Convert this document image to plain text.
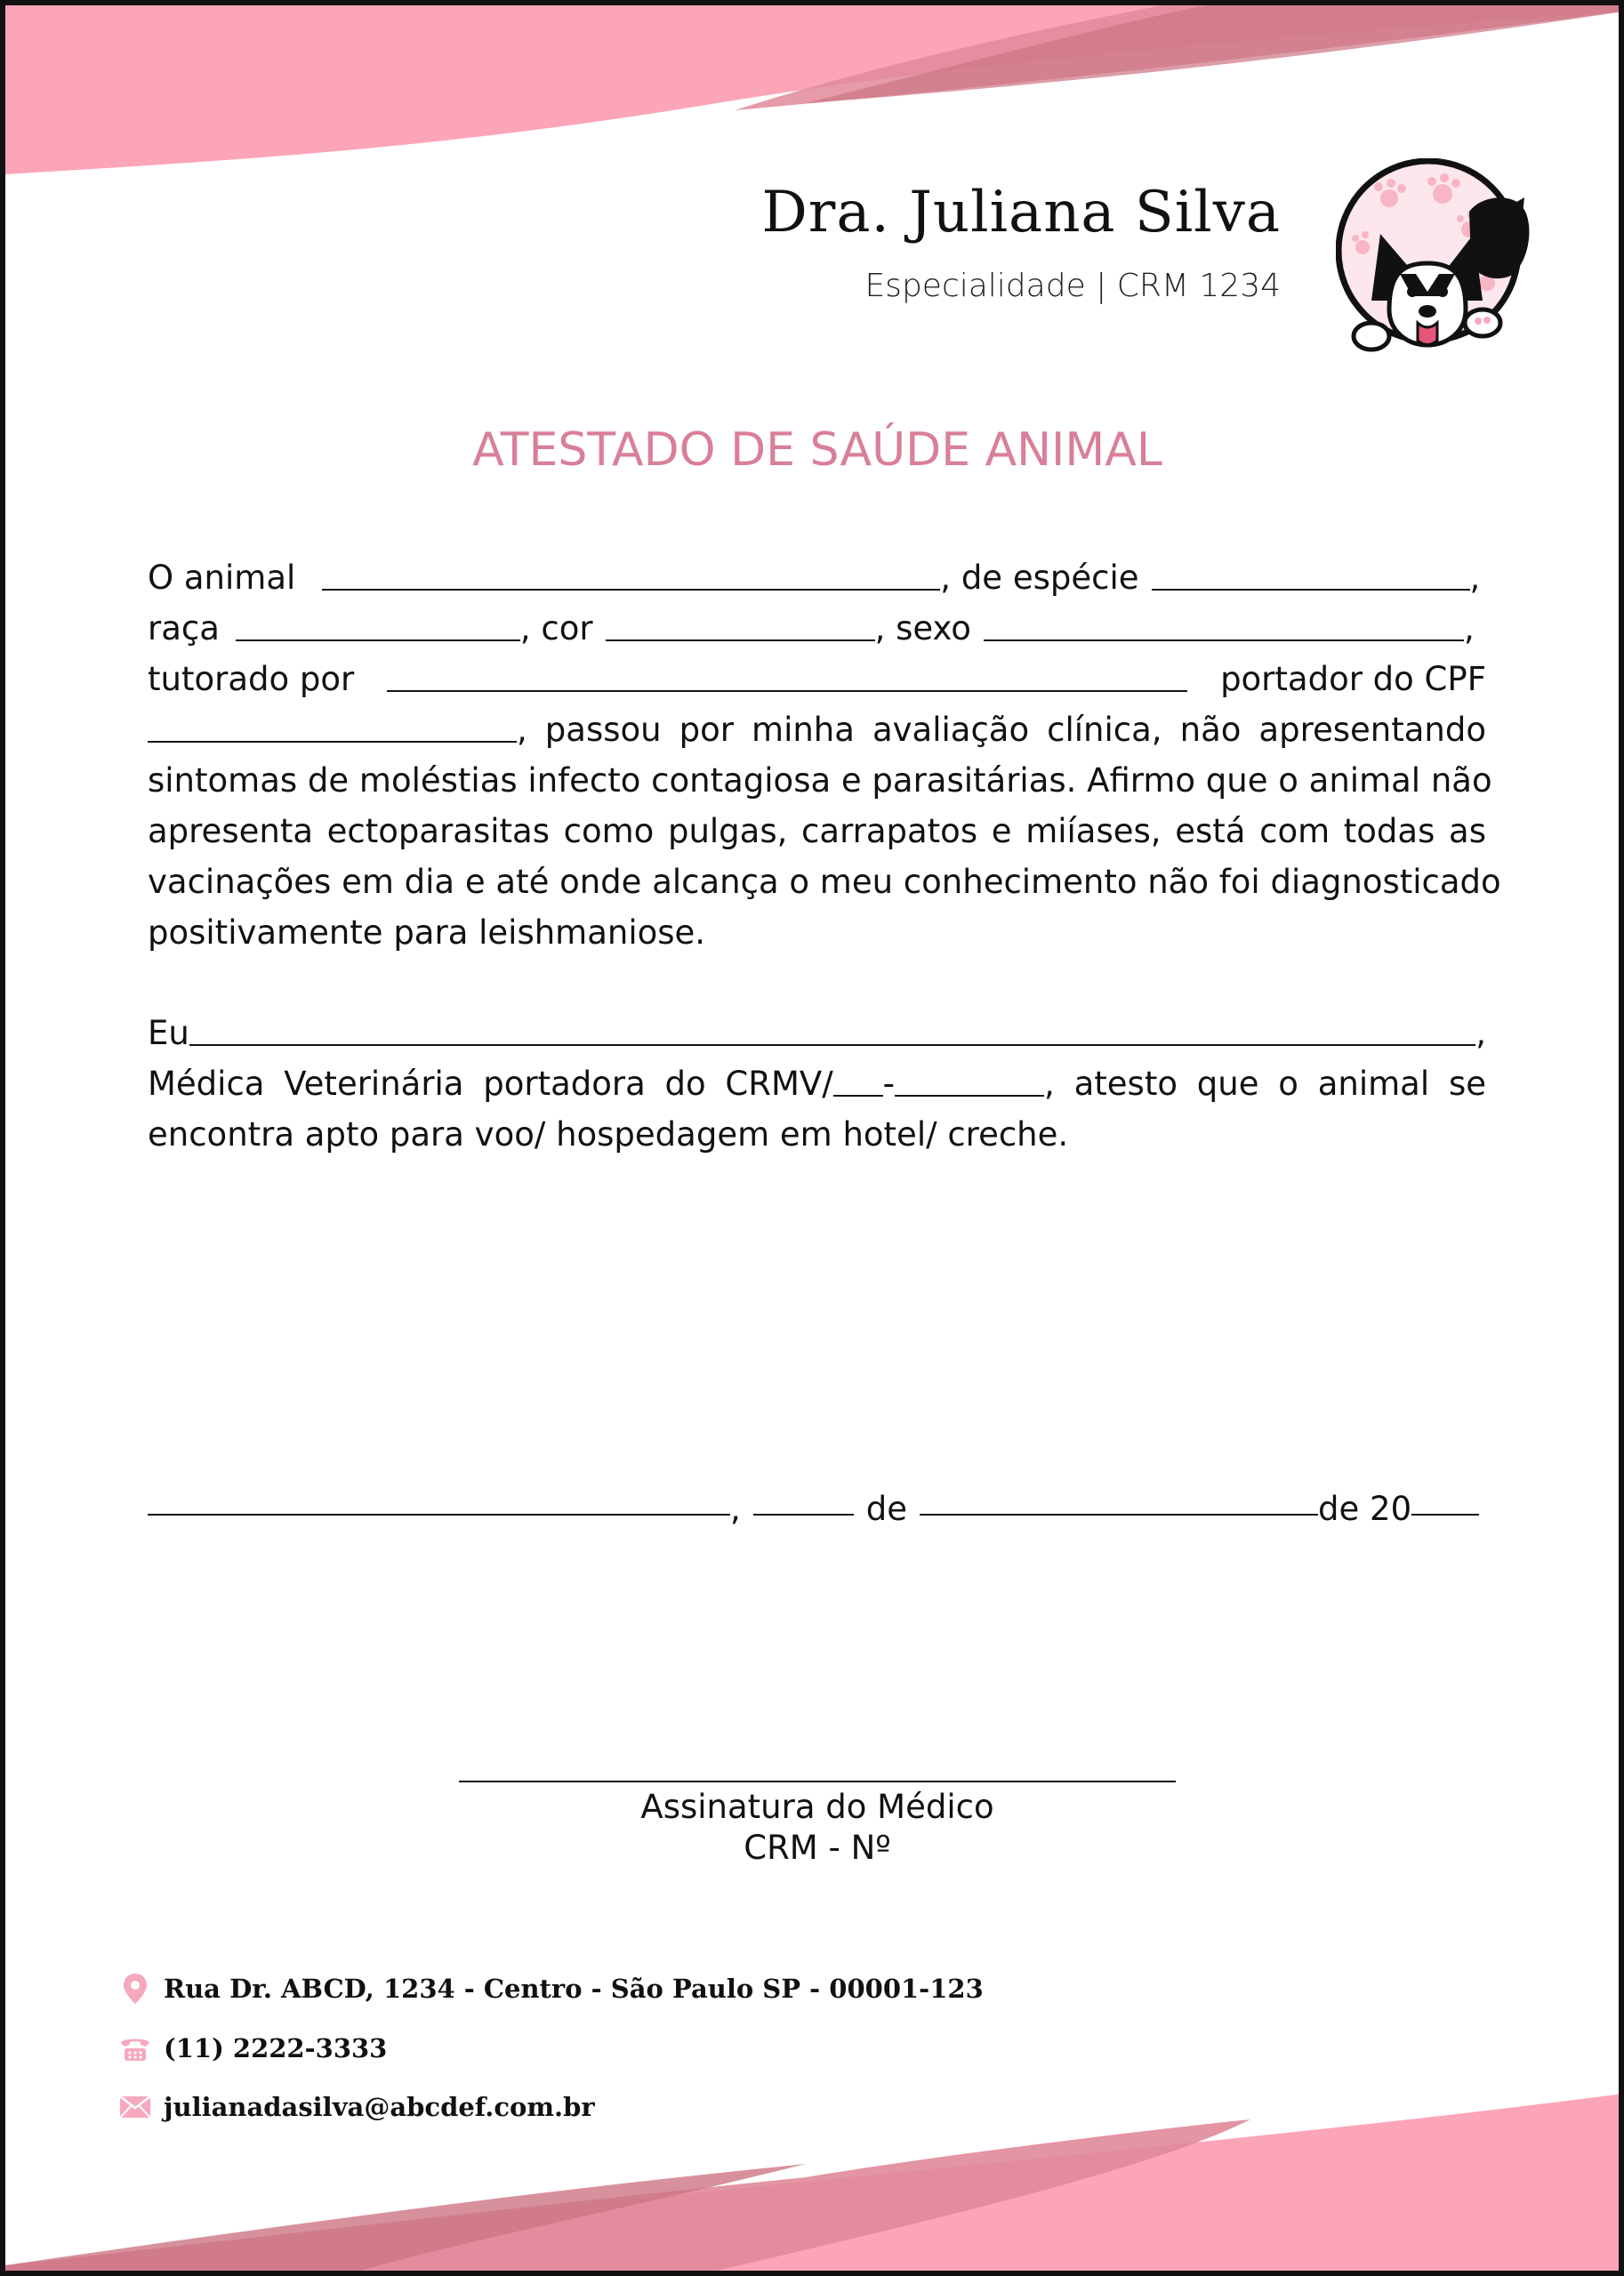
Dra. Juliana Silva
Especialidade | CRM 1234
ATESTADO DE SAÚDE ANIMAL
O animal	, de espécie	,
raça	, cor	, sexo	,
tutorado por	portador do CPF
, passou por minha avaliação clínica, não apresentando
sintomas de moléstias infecto contagiosa e parasitárias. Afirmo que o animal não
apresenta ectoparasitas como pulgas, carrapatos e miíases, está com todas as
vacinações em dia e até onde alcança o meu conhecimento não foi diagnosticado
positivamente para leishmaniose.
Eu	,
Médica Veterinária portadora do CRMV/ -	, atesto que o animal se
encontra apto para voo/ hospedagem em hotel/ creche.
,	de	de 20
Assinatura do Médico
CRM - Nº
Rua Dr. ABCD, 1234 - Centro - São Paulo SP - 00001-123
(11) 2222-3333
julianadasilva@abcdef.com.br
